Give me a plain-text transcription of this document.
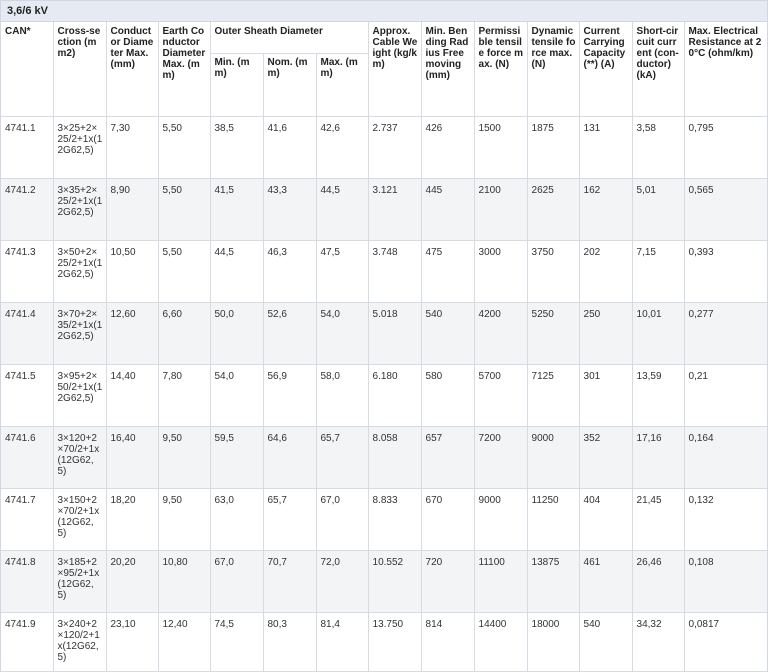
3,6/6 kV
CAN*	Cross-section (mm2)	Conductor Diameter Max. (mm)	Earth Conductor Diameter Max. (mm)	Outer Sheath Diameter			Approx. Cable Weight (kg/km)	Min. Bending Radius Free moving (mm)	Permissible tensile force max. (N)	Dynamic tensile force max. (N)	Current Carrying Capacity (**) (A)	Short-circuit current (con-ductor) (kA)	Max. Electrical Resistance at 20°C (ohm/km)
				Min. (mm)	Nom. (mm)	Max. (mm)							
4741.1	3×25+2×25/2+1x(12G62,5)	7,30	5,50	38,5	41,6	42,6	2.737	426	1500	1875	131	3,58	0,795
4741.2	3×35+2×25/2+1x(12G62,5)	8,90	5,50	41,5	43,3	44,5	3.121	445	2100	2625	162	5,01	0,565
4741.3	3×50+2×25/2+1x(12G62,5)	10,50	5,50	44,5	46,3	47,5	3.748	475	3000	3750	202	7,15	0,393
4741.4	3×70+2×35/2+1x(12G62,5)	12,60	6,60	50,0	52,6	54,0	5.018	540	4200	5250	250	10,01	0,277
4741.5	3×95+2×50/2+1x(12G62,5)	14,40	7,80	54,0	56,9	58,0	6.180	580	5700	7125	301	13,59	0,21
4741.6	3×120+2×70/2+1x(12G62,5)	16,40	9,50	59,5	64,6	65,7	8.058	657	7200	9000	352	17,16	0,164
4741.7	3×150+2×70/2+1x(12G62,5)	18,20	9,50	63,0	65,7	67,0	8.833	670	9000	11250	404	21,45	0,132
4741.8	3×185+2×95/2+1x(12G62,5)	20,20	10,80	67,0	70,7	72,0	10.552	720	11100	13875	461	26,46	0,108
4741.9	3×240+2×120/2+1x(12G62,5)	23,10	12,40	74,5	80,3	81,4	13.750	814	14400	18000	540	34,32	0,0817
